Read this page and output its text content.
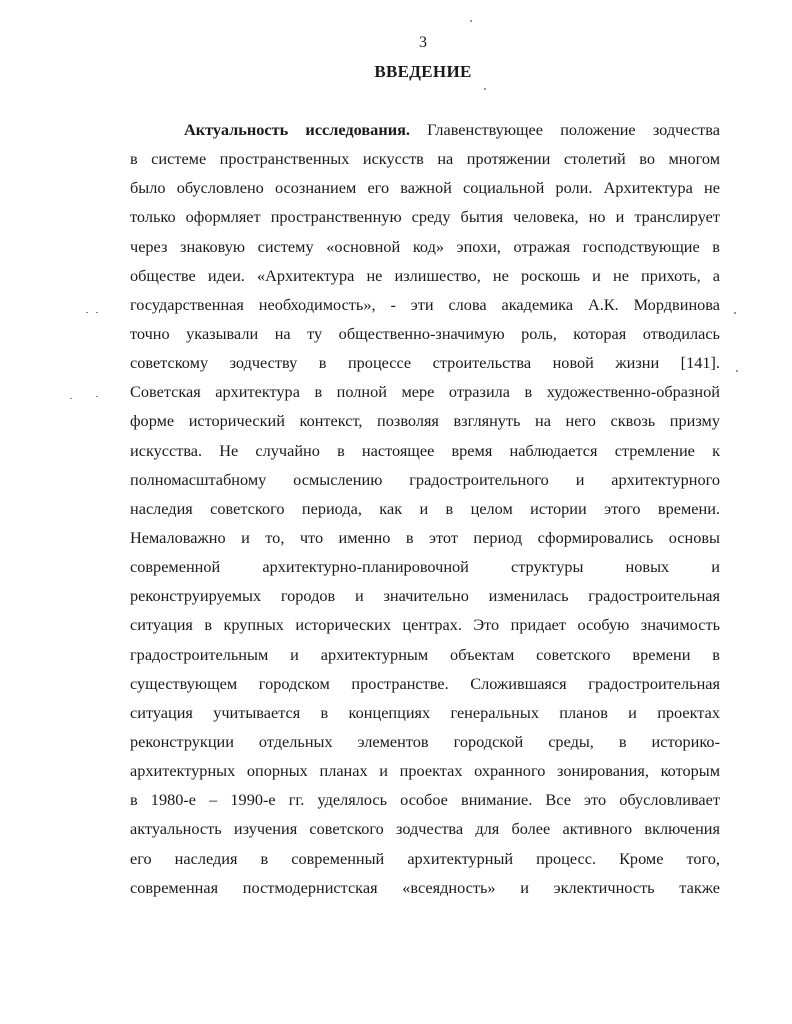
3
ВВЕДЕНИЕ
Актуальность исследования. Главенствующее положение зодчества
в системе пространственных искусств на протяжении столетий во многом
было обусловлено осознанием его важной социальной роли. Архитектура не
только оформляет пространственную среду бытия человека, но и транслирует
через знаковую систему «основной код» эпохи, отражая господствующие в
обществе идеи. «Архитектура не излишество, не роскошь и не прихоть, а
государственная необходимость», - эти слова академика А.К. Мордвинова
точно указывали на ту общественно-значимую роль, которая отводилась
советскому зодчеству в процессе строительства новой жизни [141].
Советская архитектура в полной мере отразила в художественно-образной
форме исторический контекст, позволяя взглянуть на него сквозь призму
искусства. Не случайно в настоящее время наблюдается стремление к
полномасштабному осмыслению градостроительного и архитектурного
наследия советского периода, как и в целом истории этого времени.
Немаловажно и то, что именно в этот период сформировались основы
современной архитектурно-планировочной структуры новых и
реконструируемых городов и значительно изменилась градостроительная
ситуация в крупных исторических центрах. Это придает особую значимость
градостроительным и архитектурным объектам советского времени в
существующем городском пространстве. Сложившаяся градостроительная
ситуация учитывается в концепциях генеральных планов и проектах
реконструкции отдельных элементов городской среды, в историко-
архитектурных опорных планах и проектах охранного зонирования, которым
в 1980-е – 1990-е гг. уделялось особое внимание. Все это обусловливает
актуальность изучения советского зодчества для более активного включения
его наследия в современный архитектурный процесс. Кроме того,
современная постмодернистская «всеядность» и эклектичность также
